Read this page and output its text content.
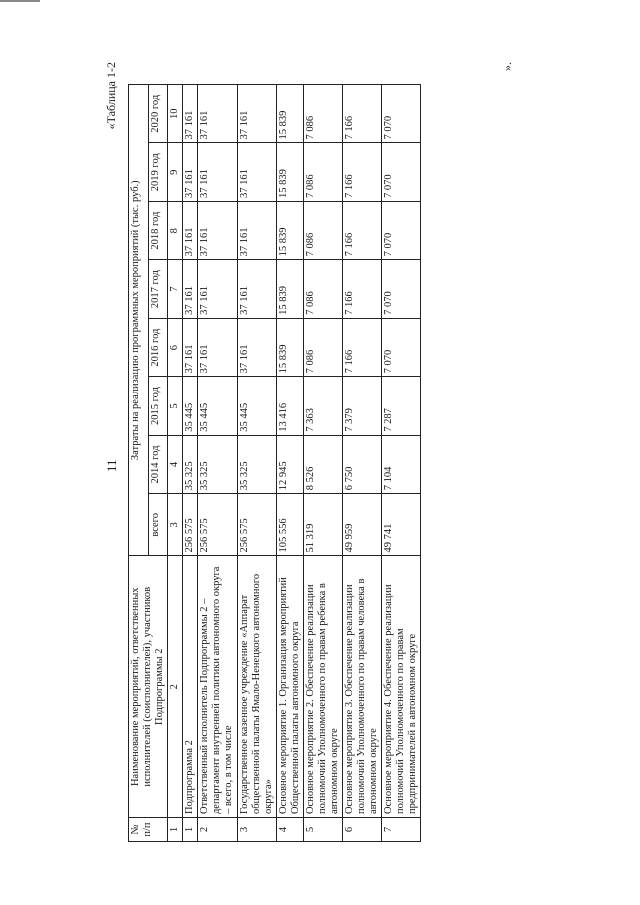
11
«Таблица 1-2
№ п/п	Наименование мероприятий, ответственных исполнителей (соисполнителей), участников Подпрограммы 2	Затраты на реализацию программных мероприятий (тыс. руб.)							
		всего	2014 год	2015 год	2016 год	2017 год	2018 год	2019 год	2020 год
1	2	3	4	5	6	7	8	9	10
1	Подпрограмма 2	256 575	35 325	35 445	37 161	37 161	37 161	37 161	37 161
2	Ответственный исполнитель Подпрограммы 2 – департамент внутренней политики автономного округа – всего, в том числе	256 575	35 325	35 445	37 161	37 161	37 161	37 161	37 161
3	Государственное казенное учреждение «Аппарат общественной палаты Ямало-Ненецкого автономного округа»	256 575	35 325	35 445	37 161	37 161	37 161	37 161	37 161
4	Основное мероприятие 1. Организация мероприятий Общественной палаты автономного округа	105 556	12 945	13 416	15 839	15 839	15 839	15 839	15 839
5	Основное мероприятие 2. Обеспечение реализации полномочий Уполномоченного по правам ребенка в автономном округе	51 319	8 526	7 363	7 086	7 086	7 086	7 086	7 086
6	Основное мероприятие 3. Обеспечение реализации полномочий Уполномоченного по правам человека в автономном округе	49 959	6 750	7 379	7 166	7 166	7 166	7 166	7 166
7	Основное мероприятие 4. Обеспечение реализации полномочий Уполномоченного по правам предпринимателей в автономном округе	49 741	7 104	7 287	7 070	7 070	7 070	7 070	7 070
».
